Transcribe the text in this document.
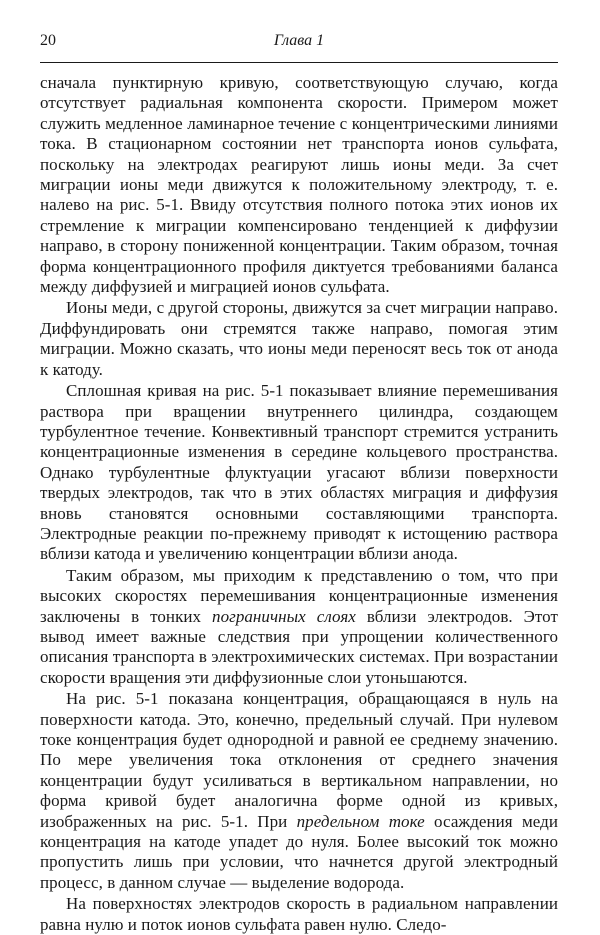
20	Глава 1

сначала пунктирную кривую, соответствующую случаю, когда отсутствует радиальная компонента скорости. Примером может служить медленное ламинарное течение с концентрическими линиями тока. В стационарном состоянии нет транспорта ионов сульфата, поскольку на электродах реагируют лишь ионы меди. За счет миграции ионы меди движутся к положительному электроду, т. е. налево на рис. 5-1. Ввиду отсутствия полного потока этих ионов их стремление к миграции компенсировано тенденцией к диффузии направо, в сторону пониженной концентрации. Таким образом, точная форма концентрационного профиля диктуется требованиями баланса между диффузией и миграцией ионов сульфата.

Ионы меди, с другой стороны, движутся за счет миграции направо. Диффундировать они стремятся также направо, помогая этим миграции. Можно сказать, что ионы меди переносят весь ток от анода к катоду.

Сплошная кривая на рис. 5-1 показывает влияние перемешивания раствора при вращении внутреннего цилиндра, создающем турбулентное течение. Конвективный транспорт стремится устранить концентрационные изменения в середине кольцевого пространства. Однако турбулентные флуктуации угасают вблизи поверхности твердых электродов, так что в этих областях миграция и диффузия вновь становятся основными составляющими транспорта. Электродные реакции по-прежнему приводят к истощению раствора вблизи катода и увеличению концентрации вблизи анода.

Таким образом, мы приходим к представлению о том, что при высоких скоростях перемешивания концентрационные изменения заключены в тонких пограничных слоях вблизи электродов. Этот вывод имеет важные следствия при упрощении количественного описания транспорта в электрохимических системах. При возрастании скорости вращения эти диффузионные слои утоньшаются.

На рис. 5-1 показана концентрация, обращающаяся в нуль на поверхности катода. Это, конечно, предельный случай. При нулевом токе концентрация будет однородной и равной ее среднему значению. По мере увеличения тока отклонения от среднего значения концентрации будут усиливаться в вертикальном направлении, но форма кривой будет аналогична форме одной из кривых, изображенных на рис. 5-1. При предельном токе осаждения меди концентрация на катоде упадет до нуля. Более высокий ток можно пропустить лишь при условии, что начнется другой электродный процесс, в данном случае — выделение водорода.

На поверхностях электродов скорость в радиальном направлении равна нулю и поток ионов сульфата равен нулю. Следо-
